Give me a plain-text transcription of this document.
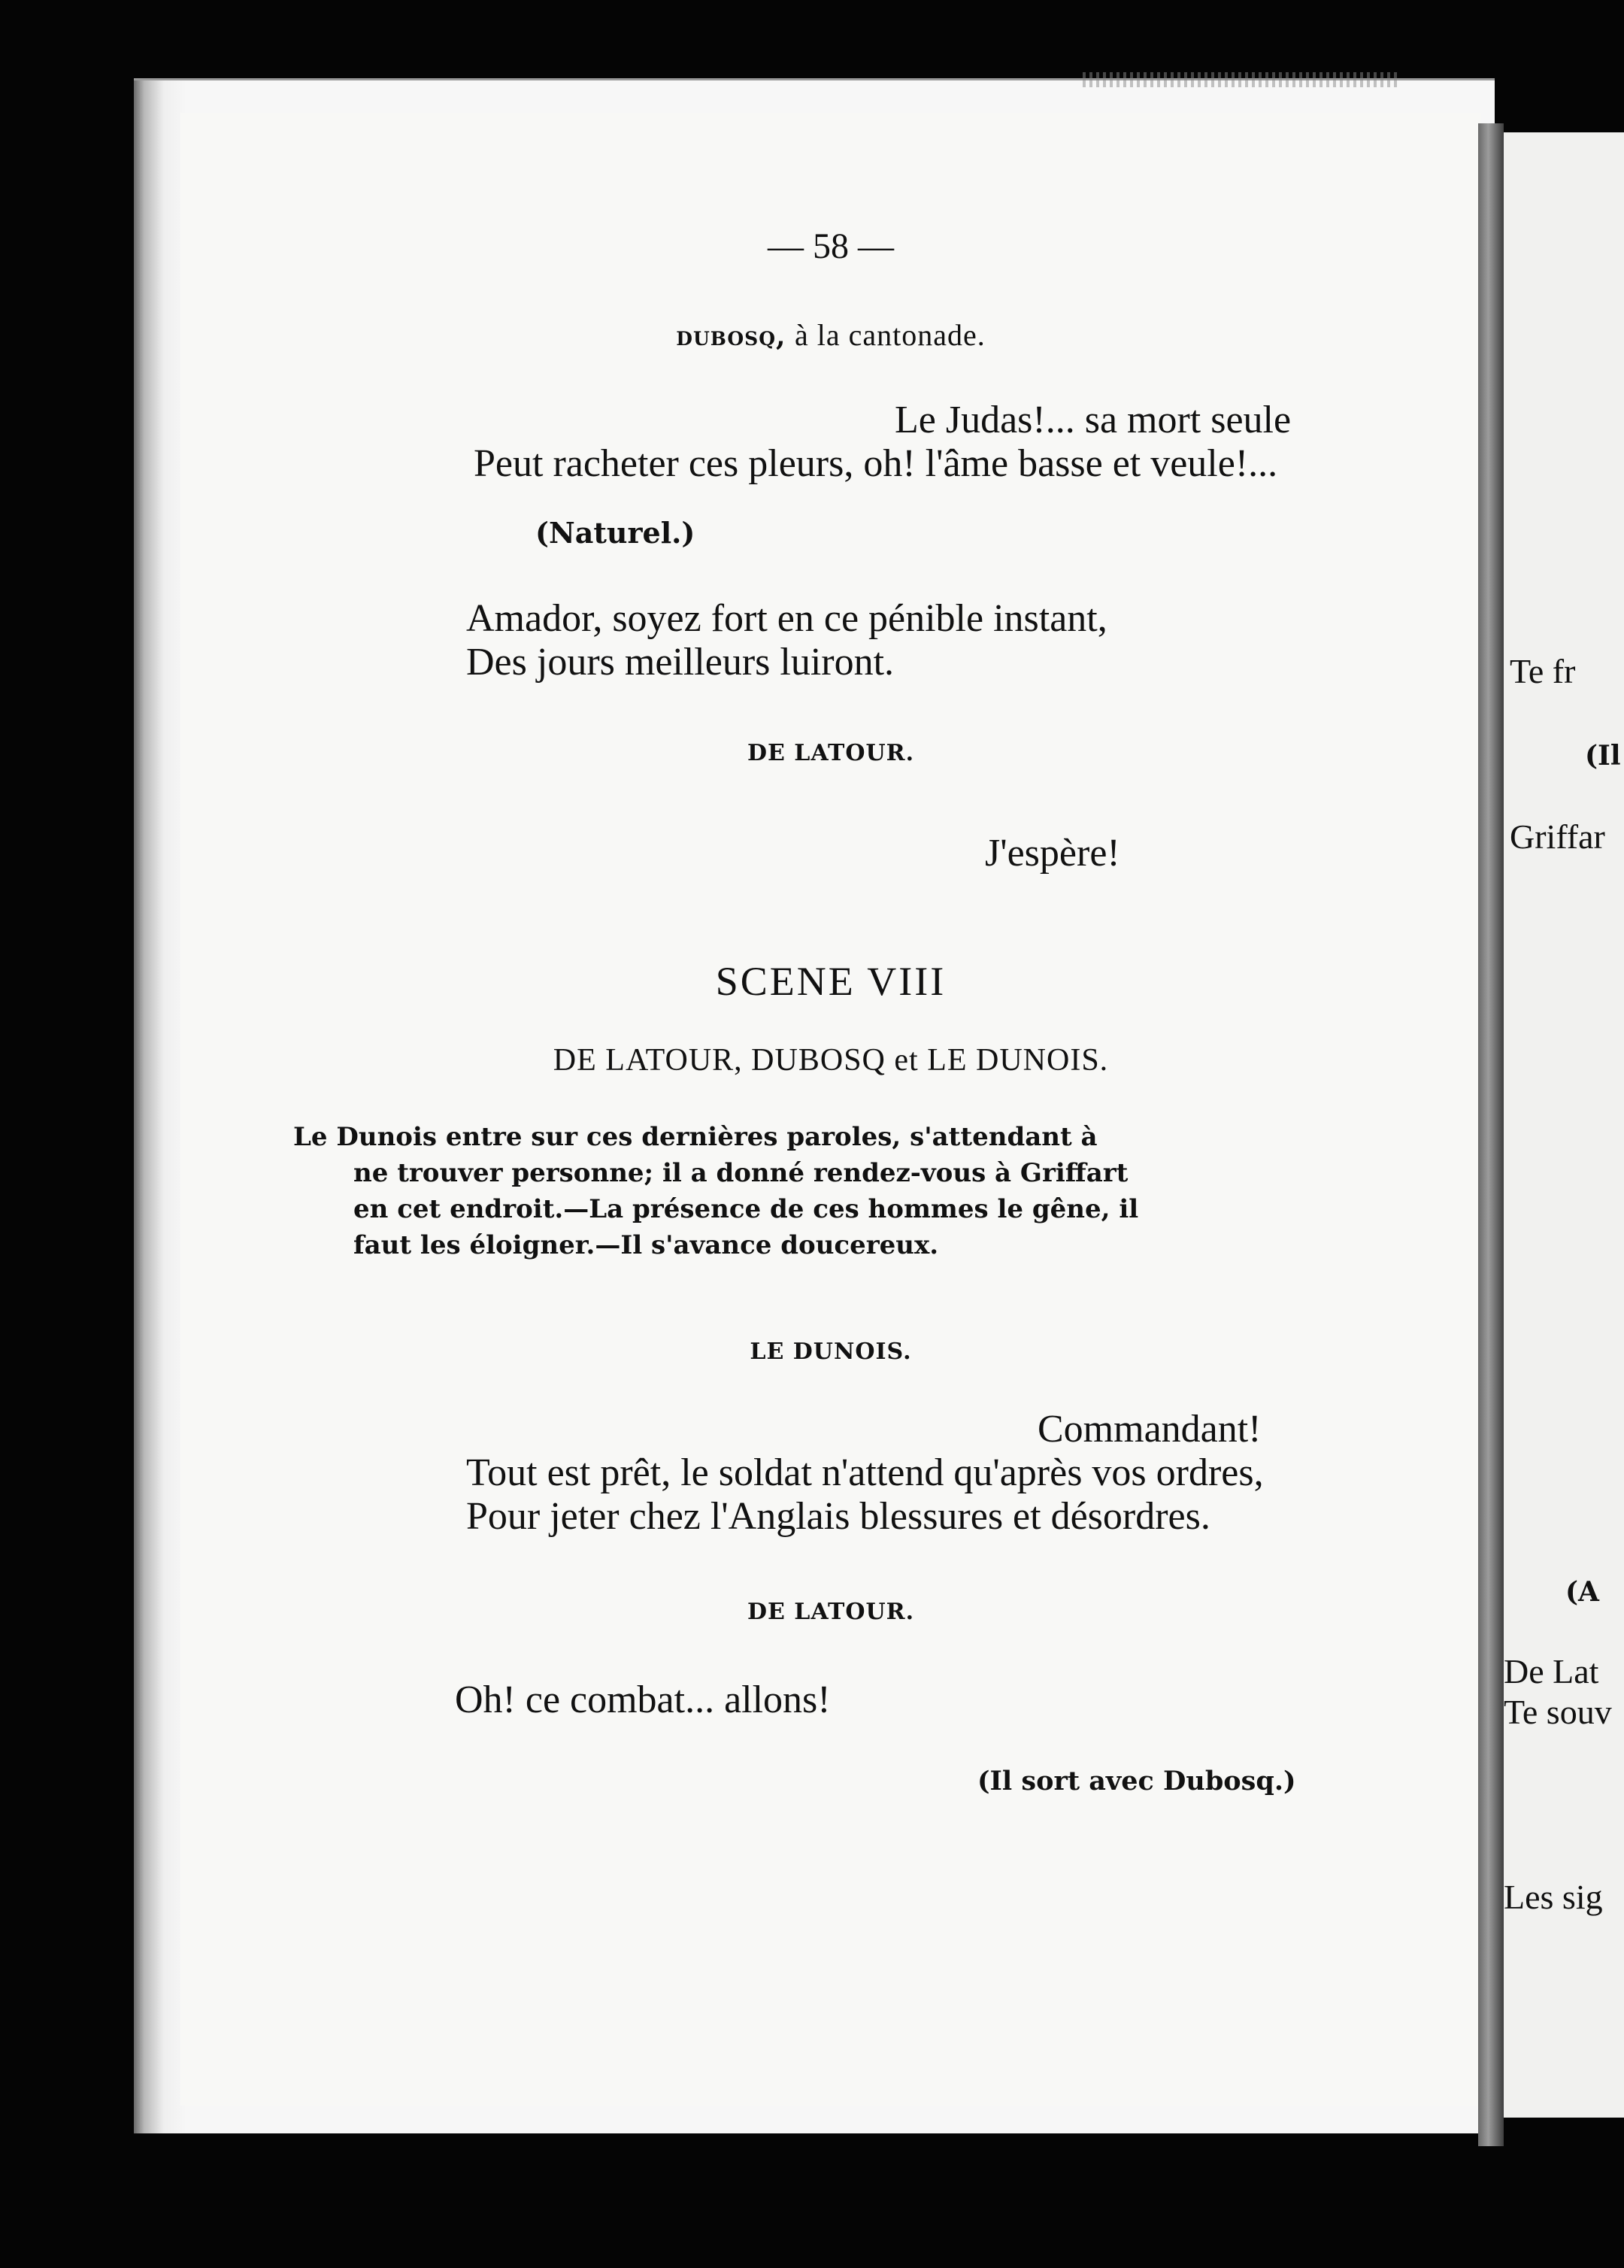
— 58 —
dubosq, à la cantonade.
Le Judas!... sa mort seule
Peut racheter ces pleurs, oh! l'âme basse et veule!...
(Naturel.)
Amador, soyez fort en ce pénible instant,
Des jours meilleurs luiront.
DE LATOUR.
J'espère!
SCENE VIII
DE LATOUR, DUBOSQ et LE DUNOIS.
Le Dunois entre sur ces dernières paroles, s'attendant à
ne trouver personne; il a donné rendez-vous à Griffart
en cet endroit.—La présence de ces hommes le gêne, il
faut les éloigner.—Il s'avance doucereux.
LE DUNOIS.
Commandant!
Tout est prêt, le soldat n'attend qu'après vos ordres,
Pour jeter chez l'Anglais blessures et désordres.
DE LATOUR.
Oh! ce combat... allons!
(Il sort avec Dubosq.)
Te fr
(Il
Griffar
(A
De Lat
Te souv
Les sig
